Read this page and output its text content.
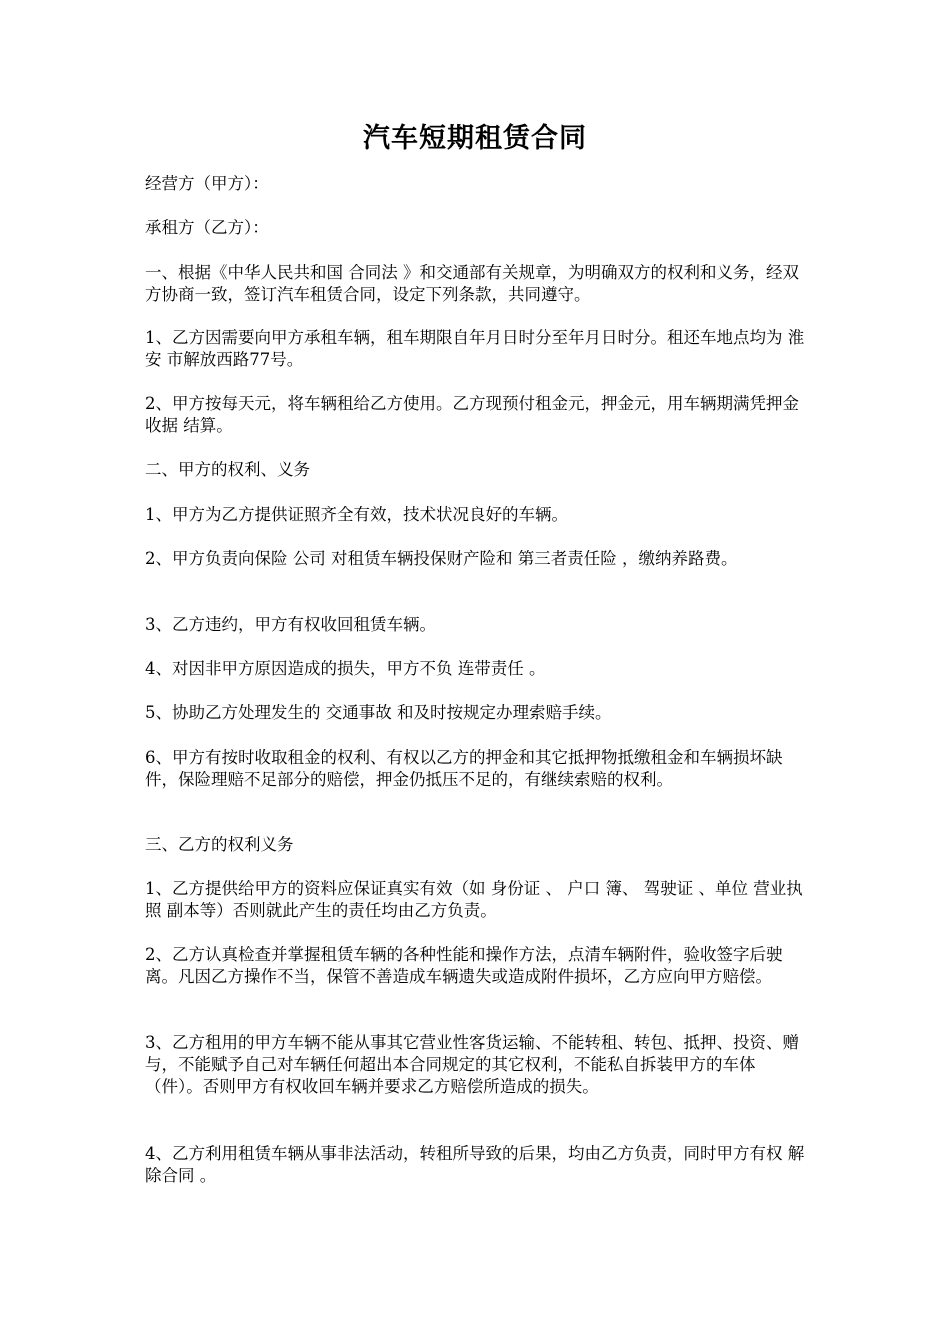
汽车短期租赁合同

经营方（甲方）：

承租方（乙方）：

一、根据《中华人民共和国 合同法 》和交通部有关规章，为明确双方的权利和义务，经双方协商一致，签订汽车租赁合同，设定下列条款，共同遵守。

1、乙方因需要向甲方承租车辆，租车期限自年月日时分至年月日时分。租还车地点均为 淮安 市解放西路77号。

2、甲方按每天元，将车辆租给乙方使用。乙方现预付租金元，押金元，用车辆期满凭押金 收据 结算。

二、甲方的权利、义务

1、甲方为乙方提供证照齐全有效，技术状况良好的车辆。

2、甲方负责向保险 公司 对租赁车辆投保财产险和 第三者责任险 ，缴纳养路费。

3、乙方违约，甲方有权收回租赁车辆。

4、对因非甲方原因造成的损失，甲方不负 连带责任 。

5、协助乙方处理发生的 交通事故 和及时按规定办理索赔手续。

6、甲方有按时收取租金的权利、有权以乙方的押金和其它抵押物抵缴租金和车辆损坏缺件，保险理赔不足部分的赔偿，押金仍抵压不足的，有继续索赔的权利。

三、乙方的权利义务

1、乙方提供给甲方的资料应保证真实有效（如 身份证 、 户口 簿、 驾驶证 、单位 营业执照 副本等）否则就此产生的责任均由乙方负责。

2、乙方认真检查并掌握租赁车辆的各种性能和操作方法，点清车辆附件，验收签字后驶离。凡因乙方操作不当，保管不善造成车辆遗失或造成附件损坏，乙方应向甲方赔偿。

3、乙方租用的甲方车辆不能从事其它营业性客货运输、不能转租、转包、抵押、投资、赠与，不能赋予自己对车辆任何超出本合同规定的其它权利，不能私自拆装甲方的车体（件）。否则甲方有权收回车辆并要求乙方赔偿所造成的损失。

4、乙方利用租赁车辆从事非法活动，转租所导致的后果，均由乙方负责，同时甲方有权 解除合同 。
